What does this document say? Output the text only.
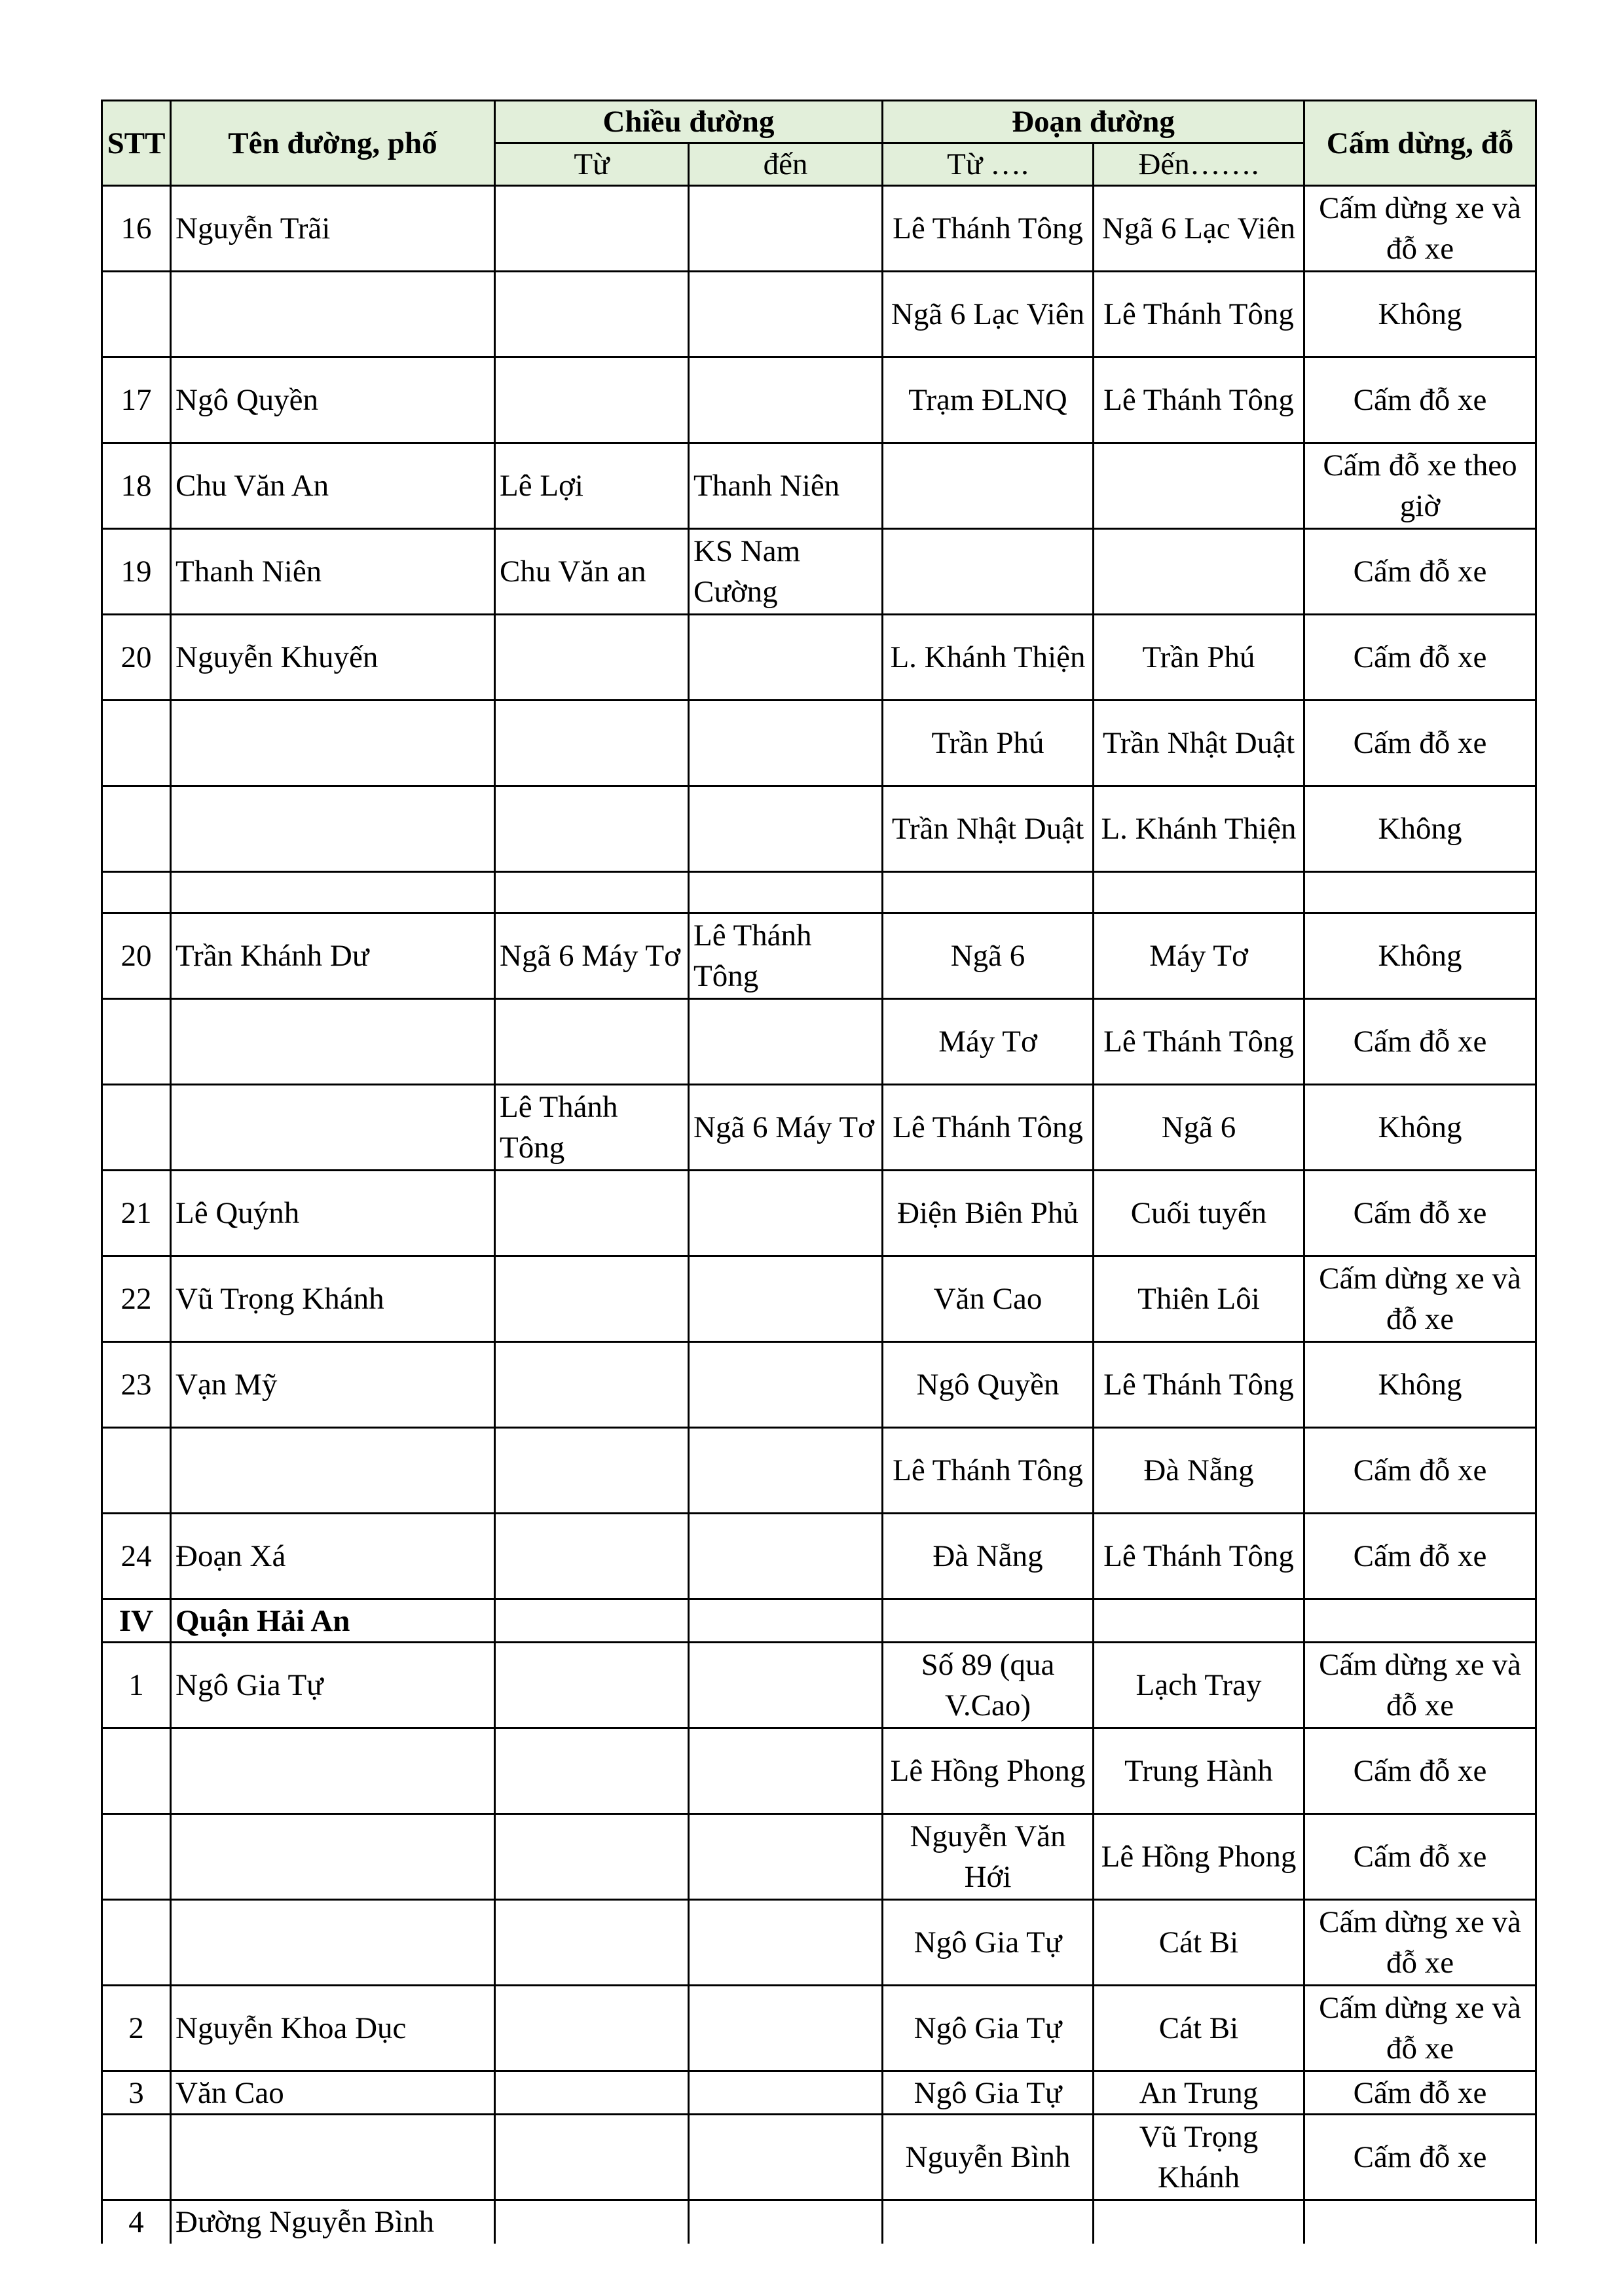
STT	Tên đường, phố	Chiều đường		Đoạn đường		Cấm dừng, đỗ
		Từ	đến	Từ ….	Đến…….	
16	Nguyễn Trãi			Lê Thánh Tông	Ngã 6 Lạc Viên	Cấm dừng xe và đỗ xe
				Ngã 6 Lạc Viên	Lê Thánh Tông	Không
17	Ngô Quyền			Trạm ĐLNQ	Lê Thánh Tông	Cấm đỗ xe
18	Chu Văn An	Lê Lợi	Thanh Niên			Cấm đỗ xe theo giờ
19	Thanh Niên	Chu Văn an	KS Nam Cường			Cấm đỗ xe
20	Nguyễn Khuyến			L. Khánh Thiện	Trần Phú	Cấm đỗ xe
				Trần Phú	Trần Nhật Duật	Cấm đỗ xe
				Trần Nhật Duật	L. Khánh Thiện	Không

20	Trần Khánh Dư	Ngã 6 Máy Tơ	Lê Thánh Tông	Ngã 6	Máy Tơ	Không
				Máy Tơ	Lê Thánh Tông	Cấm đỗ xe
		Lê Thánh Tông	Ngã 6 Máy Tơ	Lê Thánh Tông	Ngã 6	Không
21	Lê Quýnh			Điện Biên Phủ	Cuối tuyến	Cấm đỗ xe
22	Vũ Trọng Khánh			Văn Cao	Thiên Lôi	Cấm dừng xe và đỗ xe
23	Vạn Mỹ			Ngô Quyền	Lê Thánh Tông	Không
				Lê Thánh Tông	Đà Nẵng	Cấm đỗ xe
24	Đoạn Xá			Đà Nẵng	Lê Thánh Tông	Cấm đỗ xe
IV	Quận Hải An					
1	Ngô Gia Tự			Số 89 (qua V.Cao)	Lạch Tray	Cấm dừng xe và đỗ xe
				Lê Hồng Phong	Trung Hành	Cấm đỗ xe
				Nguyễn Văn Hới	Lê Hồng Phong	Cấm đỗ xe
				Ngô Gia Tự	Cát Bi	Cấm dừng xe và đỗ xe
2	Nguyễn Khoa Dục			Ngô Gia Tự	Cát Bi	Cấm dừng xe và đỗ xe
3	Văn Cao			Ngô Gia Tự	An Trung	Cấm đỗ xe
				Nguyễn Bình	Vũ Trọng Khánh	Cấm đỗ xe
4	Đường Nguyễn Bình					
